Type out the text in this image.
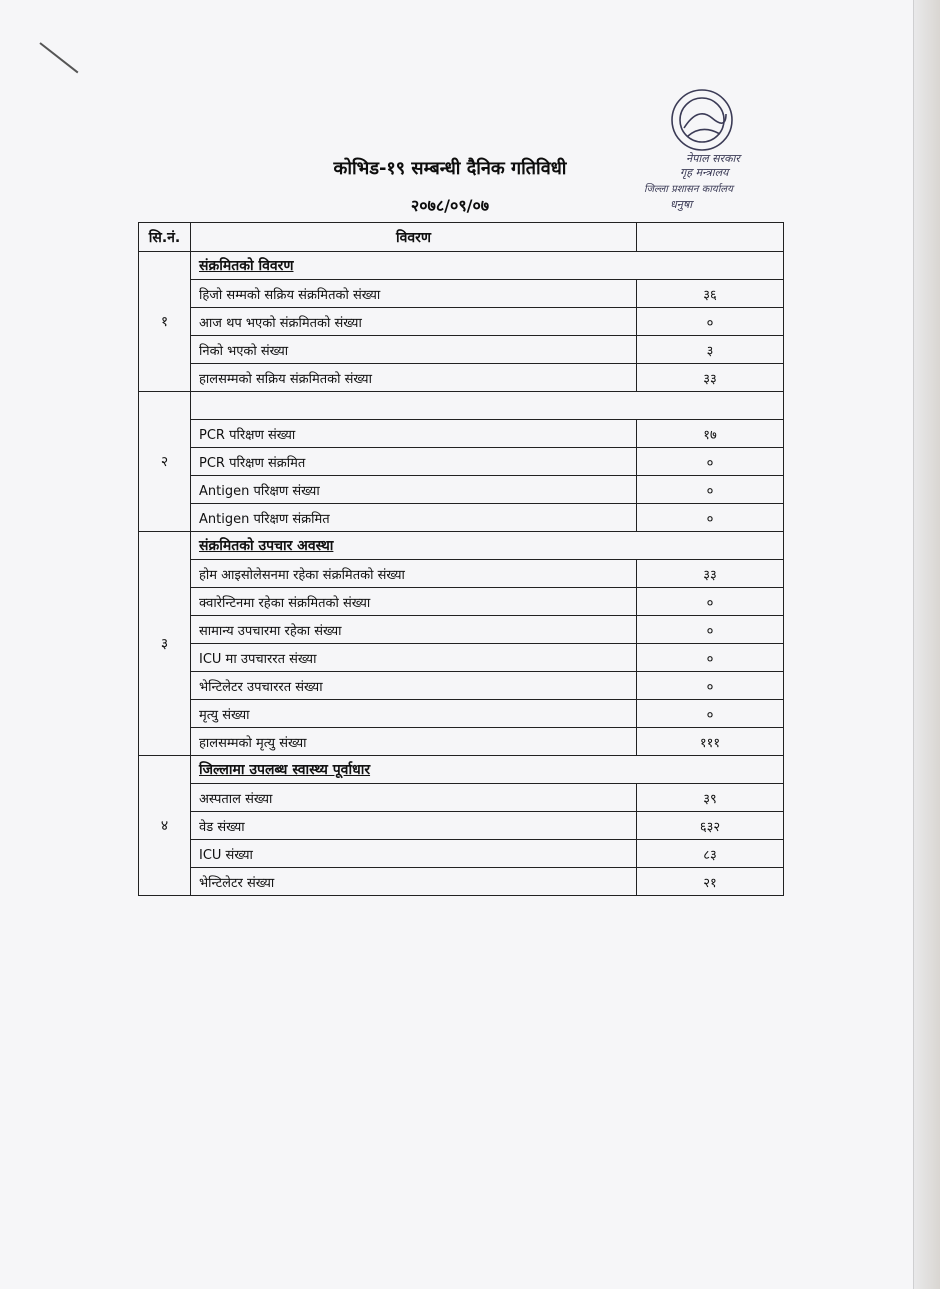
नेपाल सरकार
गृह मन्त्रालय
जिल्ला प्रशासन कार्यालय
धनुषा
कोभिड-१९ सम्बन्धी दैनिक गतिविधी
२०७८/०९/०७
सि.नं.	विवरण	
१	संक्रमितको विवरण	
	हिजो सम्मको सक्रिय संक्रमितको संख्या	३६
	आज थप भएको संक्रमितको संख्या	०
	निको भएको संख्या	३
	हालसम्मको सक्रिय संक्रमितको संख्या	३३
२		
	PCR परिक्षण संख्या	१७
	PCR परिक्षण संक्रमित	०
	Antigen परिक्षण संख्या	०
	Antigen परिक्षण संक्रमित	०
३	संक्रमितको उपचार अवस्था	
	होम आइसोलेसनमा रहेका संक्रमितको संख्या	३३
	क्वारेन्टिनमा रहेका संक्रमितको संख्या	०
	सामान्य उपचारमा रहेका संख्या	०
	ICU मा उपचाररत संख्या	०
	भेन्टिलेटर उपचाररत संख्या	०
	मृत्यु संख्या	०
	हालसम्मको मृत्यु संख्या	१११
४	जिल्लामा उपलब्ध स्वास्थ्य पूर्वाधार	
	अस्पताल संख्या	३९
	वेड संख्या	६३२
	ICU संख्या	८३
	भेन्टिलेटर संख्या	२१
